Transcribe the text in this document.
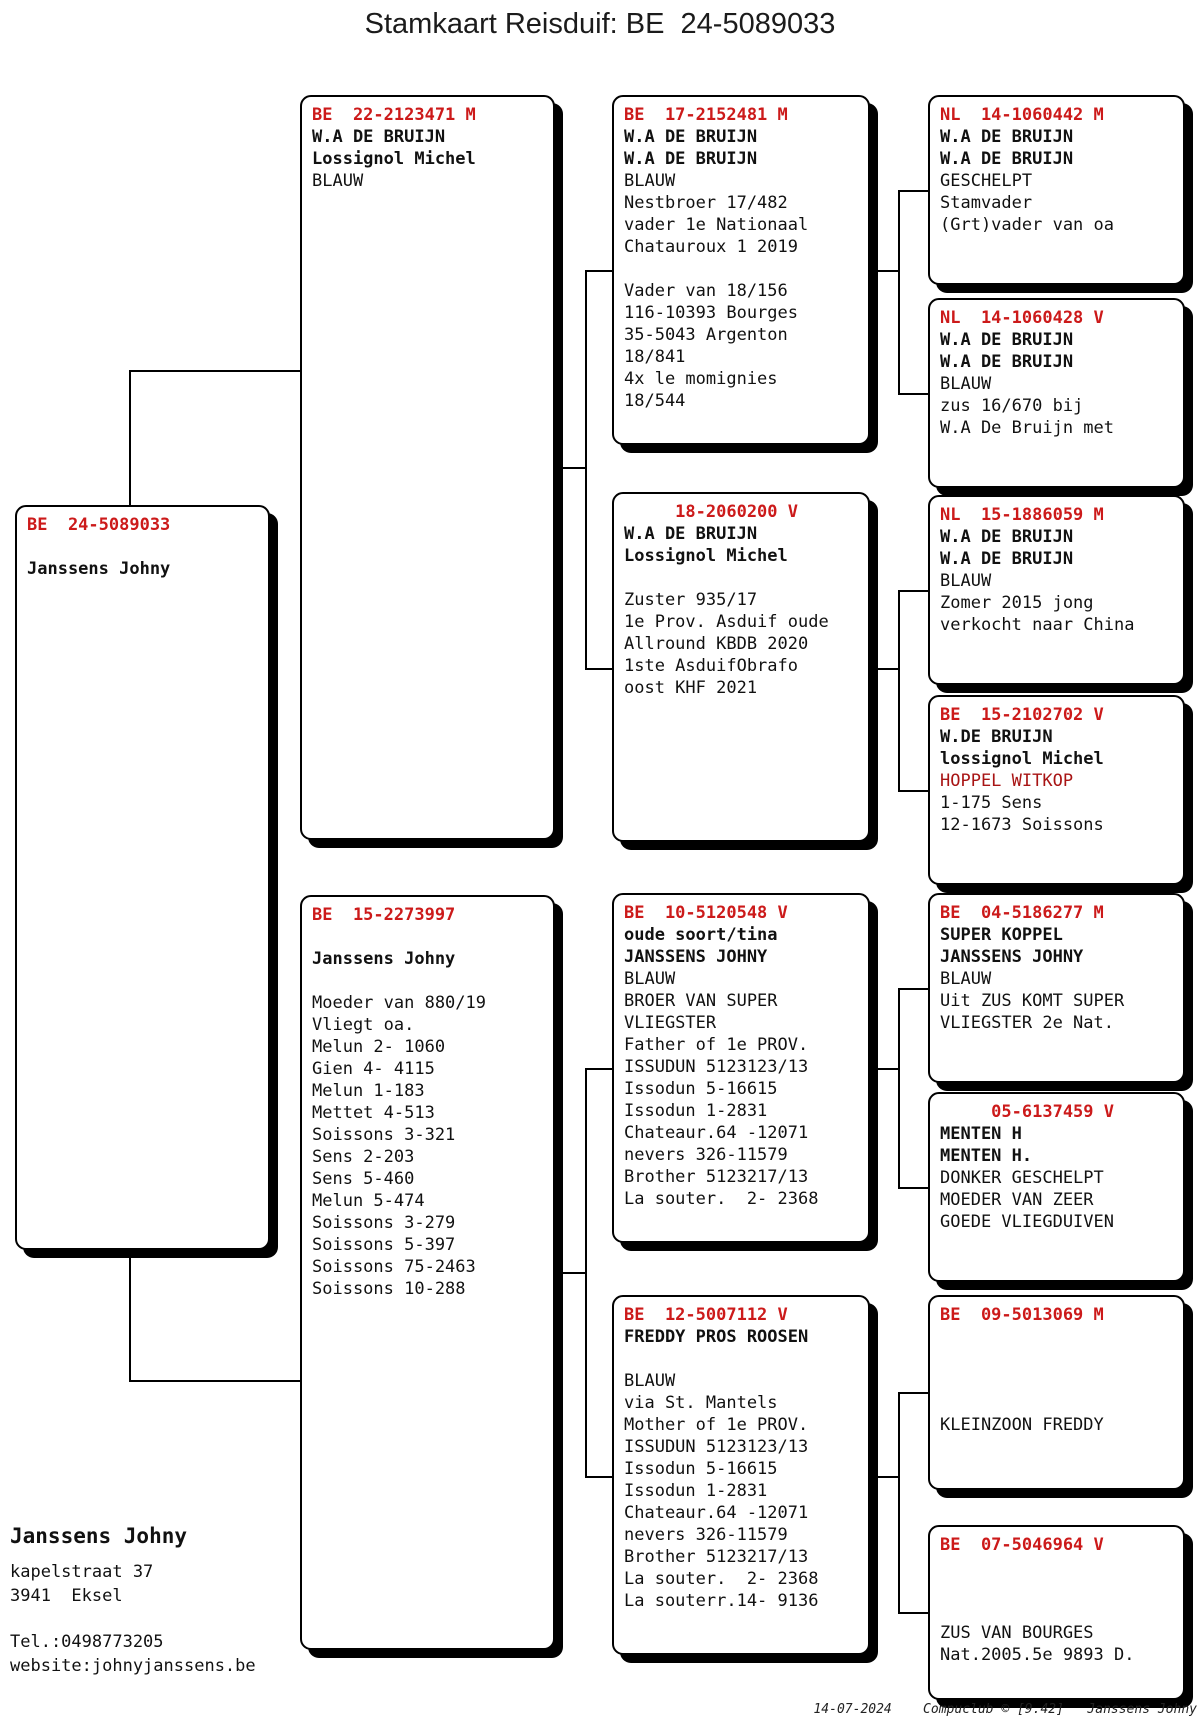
Stamkaart Reisduif: BE  24-5089033
BE  24-5089033

Janssens Johny
BE  22-2123471 M
W.A DE BRUIJN
Lossignol Michel
BLAUW
BE  15-2273997

Janssens Johny

Moeder van 880/19
Vliegt oa.
Melun 2- 1060
Gien 4- 4115
Melun 1-183
Mettet 4-513
Soissons 3-321
Sens 2-203
Sens 5-460
Melun 5-474
Soissons 3-279
Soissons 5-397
Soissons 75-2463
Soissons 10-288
BE  17-2152481 M
W.A DE BRUIJN
W.A DE BRUIJN
BLAUW
Nestbroer 17/482
vader 1e Nationaal
Chatauroux 1 2019

Vader van 18/156
116-10393 Bourges
35-5043 Argenton
18/841
4x le momignies
18/544
18-2060200 V
W.A DE BRUIJN
Lossignol Michel

Zuster 935/17
1e Prov. Asduif oude
Allround KBDB 2020
1ste AsduifObrafo
oost KHF 2021
BE  10-5120548 V
oude soort/tina
JANSSENS JOHNY
BLAUW
BROER VAN SUPER
VLIEGSTER
Father of 1e PROV.
ISSUDUN 5123123/13
Issodun 5-16615
Issodun 1-2831
Chateaur.64 -12071
nevers 326-11579
Brother 5123217/13
La souter.  2- 2368
BE  12-5007112 V
FREDDY PROS ROOSEN

BLAUW
via St. Mantels
Mother of 1e PROV.
ISSUDUN 5123123/13
Issodun 5-16615
Issodun 1-2831
Chateaur.64 -12071
nevers 326-11579
Brother 5123217/13
La souter.  2- 2368
La souterr.14- 9136
NL  14-1060442 M
W.A DE BRUIJN
W.A DE BRUIJN
GESCHELPT
Stamvader
(Grt)vader van oa
NL  14-1060428 V
W.A DE BRUIJN
W.A DE BRUIJN
BLAUW
zus 16/670 bij
W.A De Bruijn met
NL  15-1886059 M
W.A DE BRUIJN
W.A DE BRUIJN
BLAUW
Zomer 2015 jong
verkocht naar China
BE  15-2102702 V
W.DE BRUIJN
lossignol Michel
HOPPEL WITKOP
1-175 Sens
12-1673 Soissons
BE  04-5186277 M
SUPER KOPPEL
JANSSENS JOHNY
BLAUW
Uit ZUS KOMT SUPER
VLIEGSTER 2e Nat.
05-6137459 V
MENTEN H
MENTEN H.
DONKER GESCHELPT
MOEDER VAN ZEER
GOEDE VLIEGDUIVEN
BE  09-5013069 M

KLEINZOON FREDDY
BE  07-5046964 V

ZUS VAN BOURGES
Nat.2005.5e 9893 D.
Janssens Johny
kapelstraat 37
3941  Eksel
Tel.:0498773205
website:johnyjanssens.be
14-07-2024    Compuclub © [9.42]   Janssens Johny
